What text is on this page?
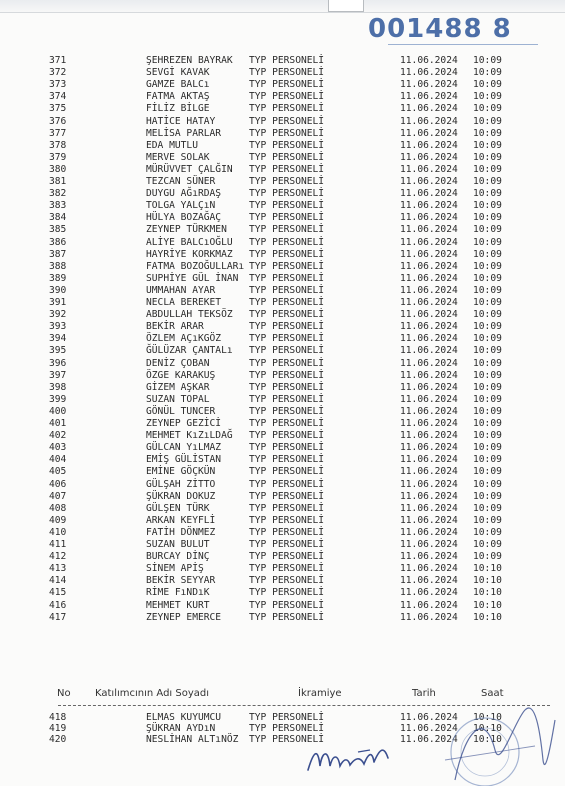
001488 8
371	ŞEHREZEN BAYRAK TYP PERSONELİ	11.06.2024 10:09
372	SEVGİ KAVAK	TYP PERSONELİ	11.06.2024 10:09
373	GAMZE BALCı	TYP PERSONELİ	11.06.2024 10:09
374	FATMA AKTAŞ	TYP PERSONELİ	11.06.2024 10:09
375	FİLİZ BİLGE	TYP PERSONELİ	11.06.2024 10:09
376	HATİCE HATAY	TYP PERSONELİ	11.06.2024 10:09
377	MELİSA PARLAR	TYP PERSONELİ	11.06.2024 10:09
378	EDA MUTLU	TYP PERSONELİ	11.06.2024 10:09
379	MERVE SOLAK	TYP PERSONELİ	11.06.2024 10:09
380	MÜRÜVVET ÇALĞIN TYP PERSONELİ	11.06.2024 10:09
381	TEZCAN SÜNER	TYP PERSONELİ	11.06.2024 10:09
382	DUYGU AĞıRDAŞ	TYP PERSONELİ	11.06.2024 10:09
383	TOLGA YALÇıN	TYP PERSONELİ	11.06.2024 10:09
384	HÜLYA BOZAĞAÇ	TYP PERSONELİ	11.06.2024 10:09
385	ZEYNEP TÜRKMEN TYP PERSONELİ	11.06.2024 10:09
386	ALİYE BALCıOĞLU TYP PERSONELİ	11.06.2024 10:09
387	HAYRİYE KORKMAZ TYP PERSONELİ	11.06.2024 10:09
388	FATMA BOZOĞULLARı TYP PERSONELİ	11.06.2024 10:09
389	SUPHİYE GÜL İNAN TYP PERSONELİ	11.06.2024 10:09
390	UMMAHAN AYAR	TYP PERSONELİ	11.06.2024 10:09
391	NECLA BEREKET	TYP PERSONELİ	11.06.2024 10:09
392	ABDULLAH TEKSÖZ TYP PERSONELİ	11.06.2024 10:09
393	BEKİR ARAR	TYP PERSONELİ	11.06.2024 10:09
394	ÖZLEM AÇıKGÖZ	TYP PERSONELİ	11.06.2024 10:09
395	ĞÜLÜZAR ÇANTALı TYP PERSONELİ	11.06.2024 10:09
396	DENİZ ÇOBAN	TYP PERSONELİ	11.06.2024 10:09
397	ÖZGE KARAKUŞ	TYP PERSONELİ	11.06.2024 10:09
398	GİZEM AŞKAR	TYP PERSONELİ	11.06.2024 10:09
399	SUZAN TOPAL	TYP PERSONELİ	11.06.2024 10:09
400	GÖNÜL TUNCER	TYP PERSONELİ	11.06.2024 10:09
401	ZEYNEP GEZİCİ	TYP PERSONELİ	11.06.2024 10:09
402	MEHMET KıZıLDAĞ TYP PERSONELİ	11.06.2024 10:09
403	GÜLCAN YıLMAZ	TYP PERSONELİ	11.06.2024 10:09
404	EMİŞ GÜLİSTAN	TYP PERSONELİ	11.06.2024 10:09
405	EMİNE GÖÇKÜN	TYP PERSONELİ	11.06.2024 10:09
406	GÜLŞAH ZİTTO	TYP PERSONELİ	11.06.2024 10:09
407	ŞÜKRAN DOKUZ	TYP PERSONELİ	11.06.2024 10:09
408	GÜLŞEN TÜRK	TYP PERSONELİ	11.06.2024 10:09
409	ARKAN KEYFLİ	TYP PERSONELİ	11.06.2024 10:09
410	FATİH DÖNMEZ	TYP PERSONELİ	11.06.2024 10:09
411	SUZAN BULUT	TYP PERSONELİ	11.06.2024 10:09
412	BURCAY DİNÇ	TYP PERSONELİ	11.06.2024 10:09
413	SİNEM APİŞ	TYP PERSONELİ	11.06.2024 10:10
414	BEKİR SEYYAR	TYP PERSONELİ	11.06.2024 10:10
415	RİME FıNDıK	TYP PERSONELİ	11.06.2024 10:10
416	MEHMET KURT	TYP PERSONELİ	11.06.2024 10:10
417	ZEYNEP EMERCE	TYP PERSONELİ	11.06.2024 10:10
No Katılımcının Adı Soyadı	İkramiye	Tarih	Saat
418	ELMAS KUYUMCU	TYP PERSONELİ	11.06.2024 10:10
419	ŞÜKRAN AYDıN	TYP PERSONELİ	11.06.2024 10:10
420	NESLİHAN ALTıNÖZ TYP PERSONELİ	11.06.2024 10:10
